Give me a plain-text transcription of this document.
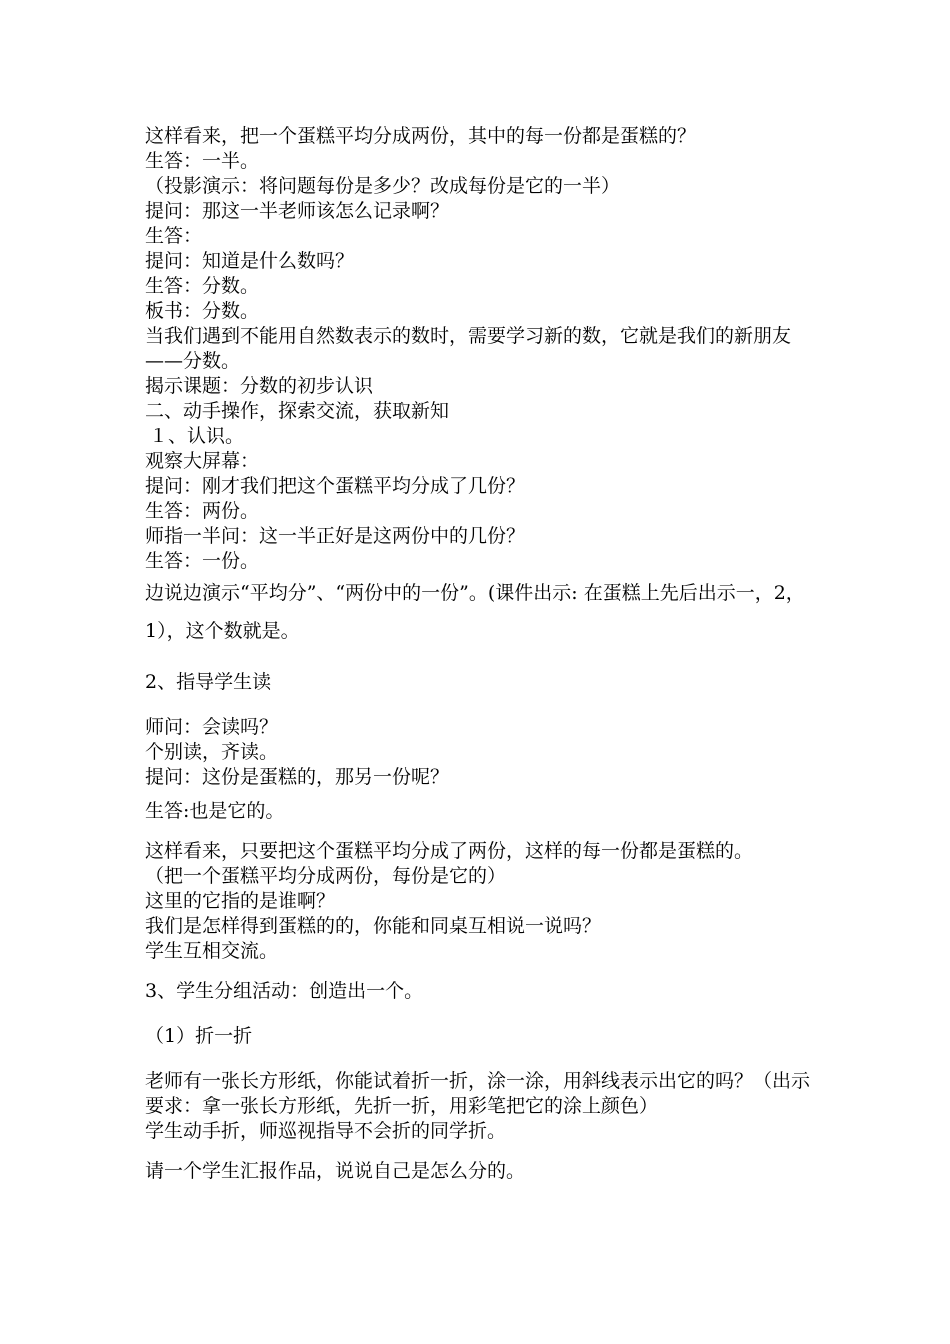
这样看来，把一个蛋糕平均分成两份，其中的每一份都是蛋糕的？

生答：一半。

（投影演示：将问题每份是多少？改成每份是它的一半）

提问：那这一半老师该怎么记录啊？

生答：

提问：知道是什么数吗？

生答：分数。

板书：分数。

当我们遇到不能用自然数表示的数时，需要学习新的数，它就是我们的新朋友——分数。

揭示课题：分数的初步认识

二、动手操作，探索交流，获取新知

１、认识。

观察大屏幕：

提问：刚才我们把这个蛋糕平均分成了几份？

生答：两份。

师指一半问：这一半正好是这两份中的几份？

生答：一份。

边说边演示“平均分”、“两份中的一份”。(课件出示: 在蛋糕上先后出示一，2，1），这个数就是。

2、指导学生读

师问：会读吗？

个别读，齐读。

提问：这份是蛋糕的，那另一份呢？

生答:也是它的。

这样看来，只要把这个蛋糕平均分成了两份，这样的每一份都是蛋糕的。

（把一个蛋糕平均分成两份，每份是它的）

这里的它指的是谁啊？

我们是怎样得到蛋糕的的，你能和同桌互相说一说吗？

学生互相交流。

3、学生分组活动：创造出一个。

（1）折一折

老师有一张长方形纸，你能试着折一折，涂一涂，用斜线表示出它的吗？（出示要求：拿一张长方形纸，先折一折，用彩笔把它的涂上颜色）

学生动手折，师巡视指导不会折的同学折。

请一个学生汇报作品，说说自己是怎么分的。
